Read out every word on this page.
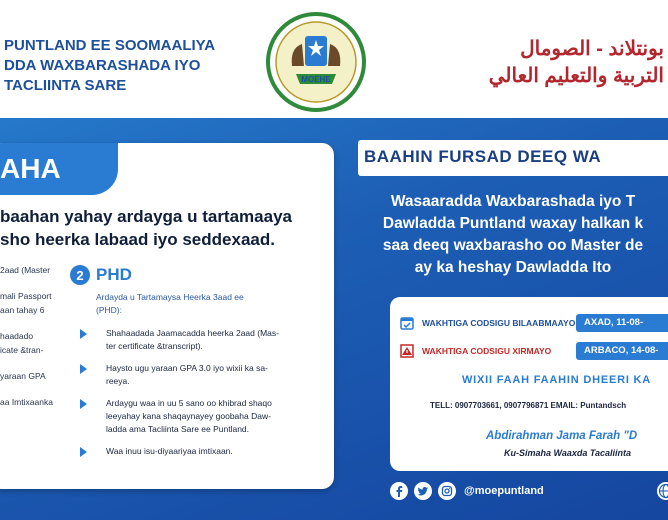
PUNTLAND EE SOOMAALIYA
DDA WAXBARASHADA IYO
TACLIINTA SARE	MOEHE
بونتلاند - الصومال
التربية والتعليم العالي
AHA
baahan yahay ardayga u tartamaaya
sho heerka labaad iyo seddexaad.
2aad (Master
mali Passport
aan tahay 6
haadado
icate &tran-
yaraan GPA
aa Imtixaanka
2 PHD
Ardayda u Tartamaysa Heerka 3aad ee
(PHD):
Shahaadada Jaamacadda heerka 2aad (Mas-
ter certificate &transcript).
Haysto ugu yaraan GPA 3.0 iyo wixii ka sa-
reeya.
Ardaygu waa in uu 5 sano oo khibrad shaqo
leeyahay kana shaqaynayey goobaha Daw-
ladda ama Tacliinta Sare ee Puntland.
Waa inuu isu-diyaariyaa imtixaan.
BAAHIN FURSAD DEEQ WA
Wasaaradda Waxbarashada iyo T
Dawladda Puntland waxay halkan k
saa deeq waxbarasho oo Master de
ay ka heshay Dawladda Ito
WAKHTIGA CODSIGU BILAABMAAYO AXAD, 11-08-
WAKHTIGA CODSIGU XIRMAYO	ARBACO, 14-08-
WIXII FAAH FAAHIN DHEERI KA
TELL: 0907703661, 0907796871 EMAIL: Puntandsch
Abdirahman Jama Farah "D
Ku-Simaha Waaxda Tacaliinta
@moepuntland
